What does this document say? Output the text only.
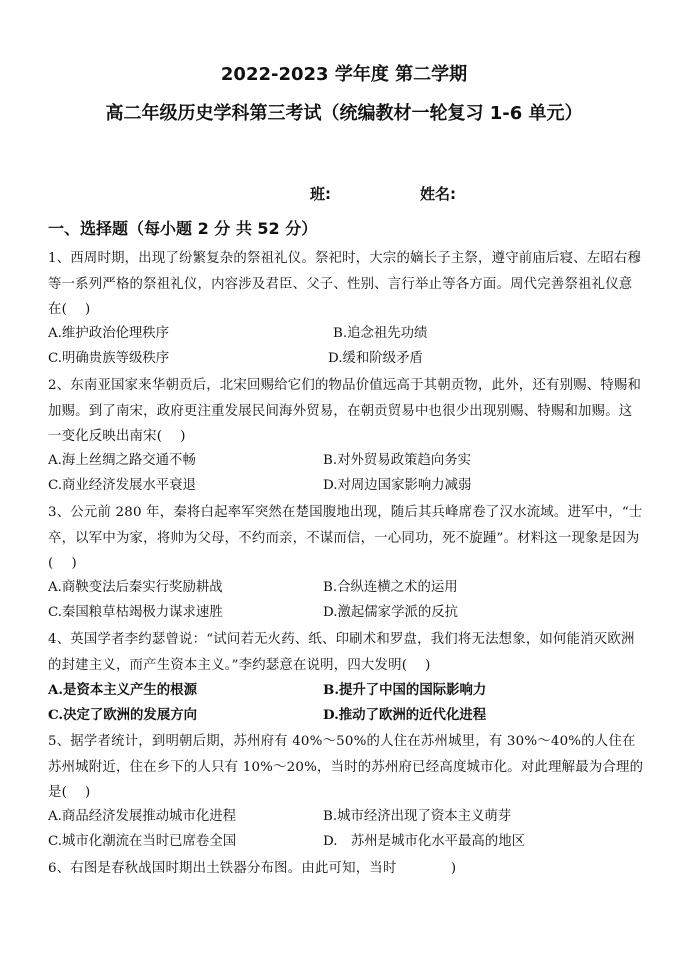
2022-2023 学年度 第二学期
高二年级历史学科第三考试（统编教材一轮复习 1-6 单元）
班:	姓名:
一、选择题（每小题 2 分 共 52 分）
1、西周时期，出现了纷繁复杂的祭祖礼仪。祭祀时，大宗的嫡长子主祭，遵守前庙后寝、左昭右穆等一系列严格的祭祖礼仪，内容涉及君臣、父子、性别、言行举止等各方面。周代完善祭祖礼仪意在(　 )
A.维护政治伦理秩序	B.追念祖先功绩
C.明确贵族等级秩序	D.缓和阶级矛盾
2、东南亚国家来华朝贡后，北宋回赐给它们的物品价值远高于其朝贡物，此外，还有别赐、特赐和加赐。到了南宋，政府更注重发展民间海外贸易，在朝贡贸易中也很少出现别赐、特赐和加赐。这一变化反映出南宋(　 )
A.海上丝绸之路交通不畅	B.对外贸易政策趋向务实
C.商业经济发展水平衰退	D.对周边国家影响力减弱
3、公元前 280 年，秦将白起率军突然在楚国腹地出现，随后其兵峰席卷了汉水流域。进军中，“士卒，以军中为家，将帅为父母，不约而亲，不谋而信，一心同功，死不旋踵”。材料这一现象是因为(　 )
A.商鞅变法后秦实行奖励耕战	B.合纵连横之术的运用
C.秦国粮草枯竭极力谋求速胜	D.激起儒家学派的反抗
4、英国学者李约瑟曾说：“试问若无火药、纸、印刷术和罗盘，我们将无法想象，如何能消灭欧洲的封建主义，而产生资本主义。”李约瑟意在说明，四大发明(　 )
A.是资本主义产生的根源	B.提升了中国的国际影响力
C.决定了欧洲的发展方向	D.推动了欧洲的近代化进程
5、据学者统计，到明朝后期，苏州府有 40%～50%的人住在苏州城里，有 30%～40%的人住在苏州城附近，住在乡下的人只有 10%～20%，当时的苏州府已经高度城市化。对此理解最为合理的是(　 )
A.商品经济发展推动城市化进程	B.城市经济出现了资本主义萌芽
C.城市化潮流在当时已席卷全国	D.　苏州是城市化水平最高的地区
6、右图是春秋战国时期出土铁器分布图。由此可知，当时　　　　)
